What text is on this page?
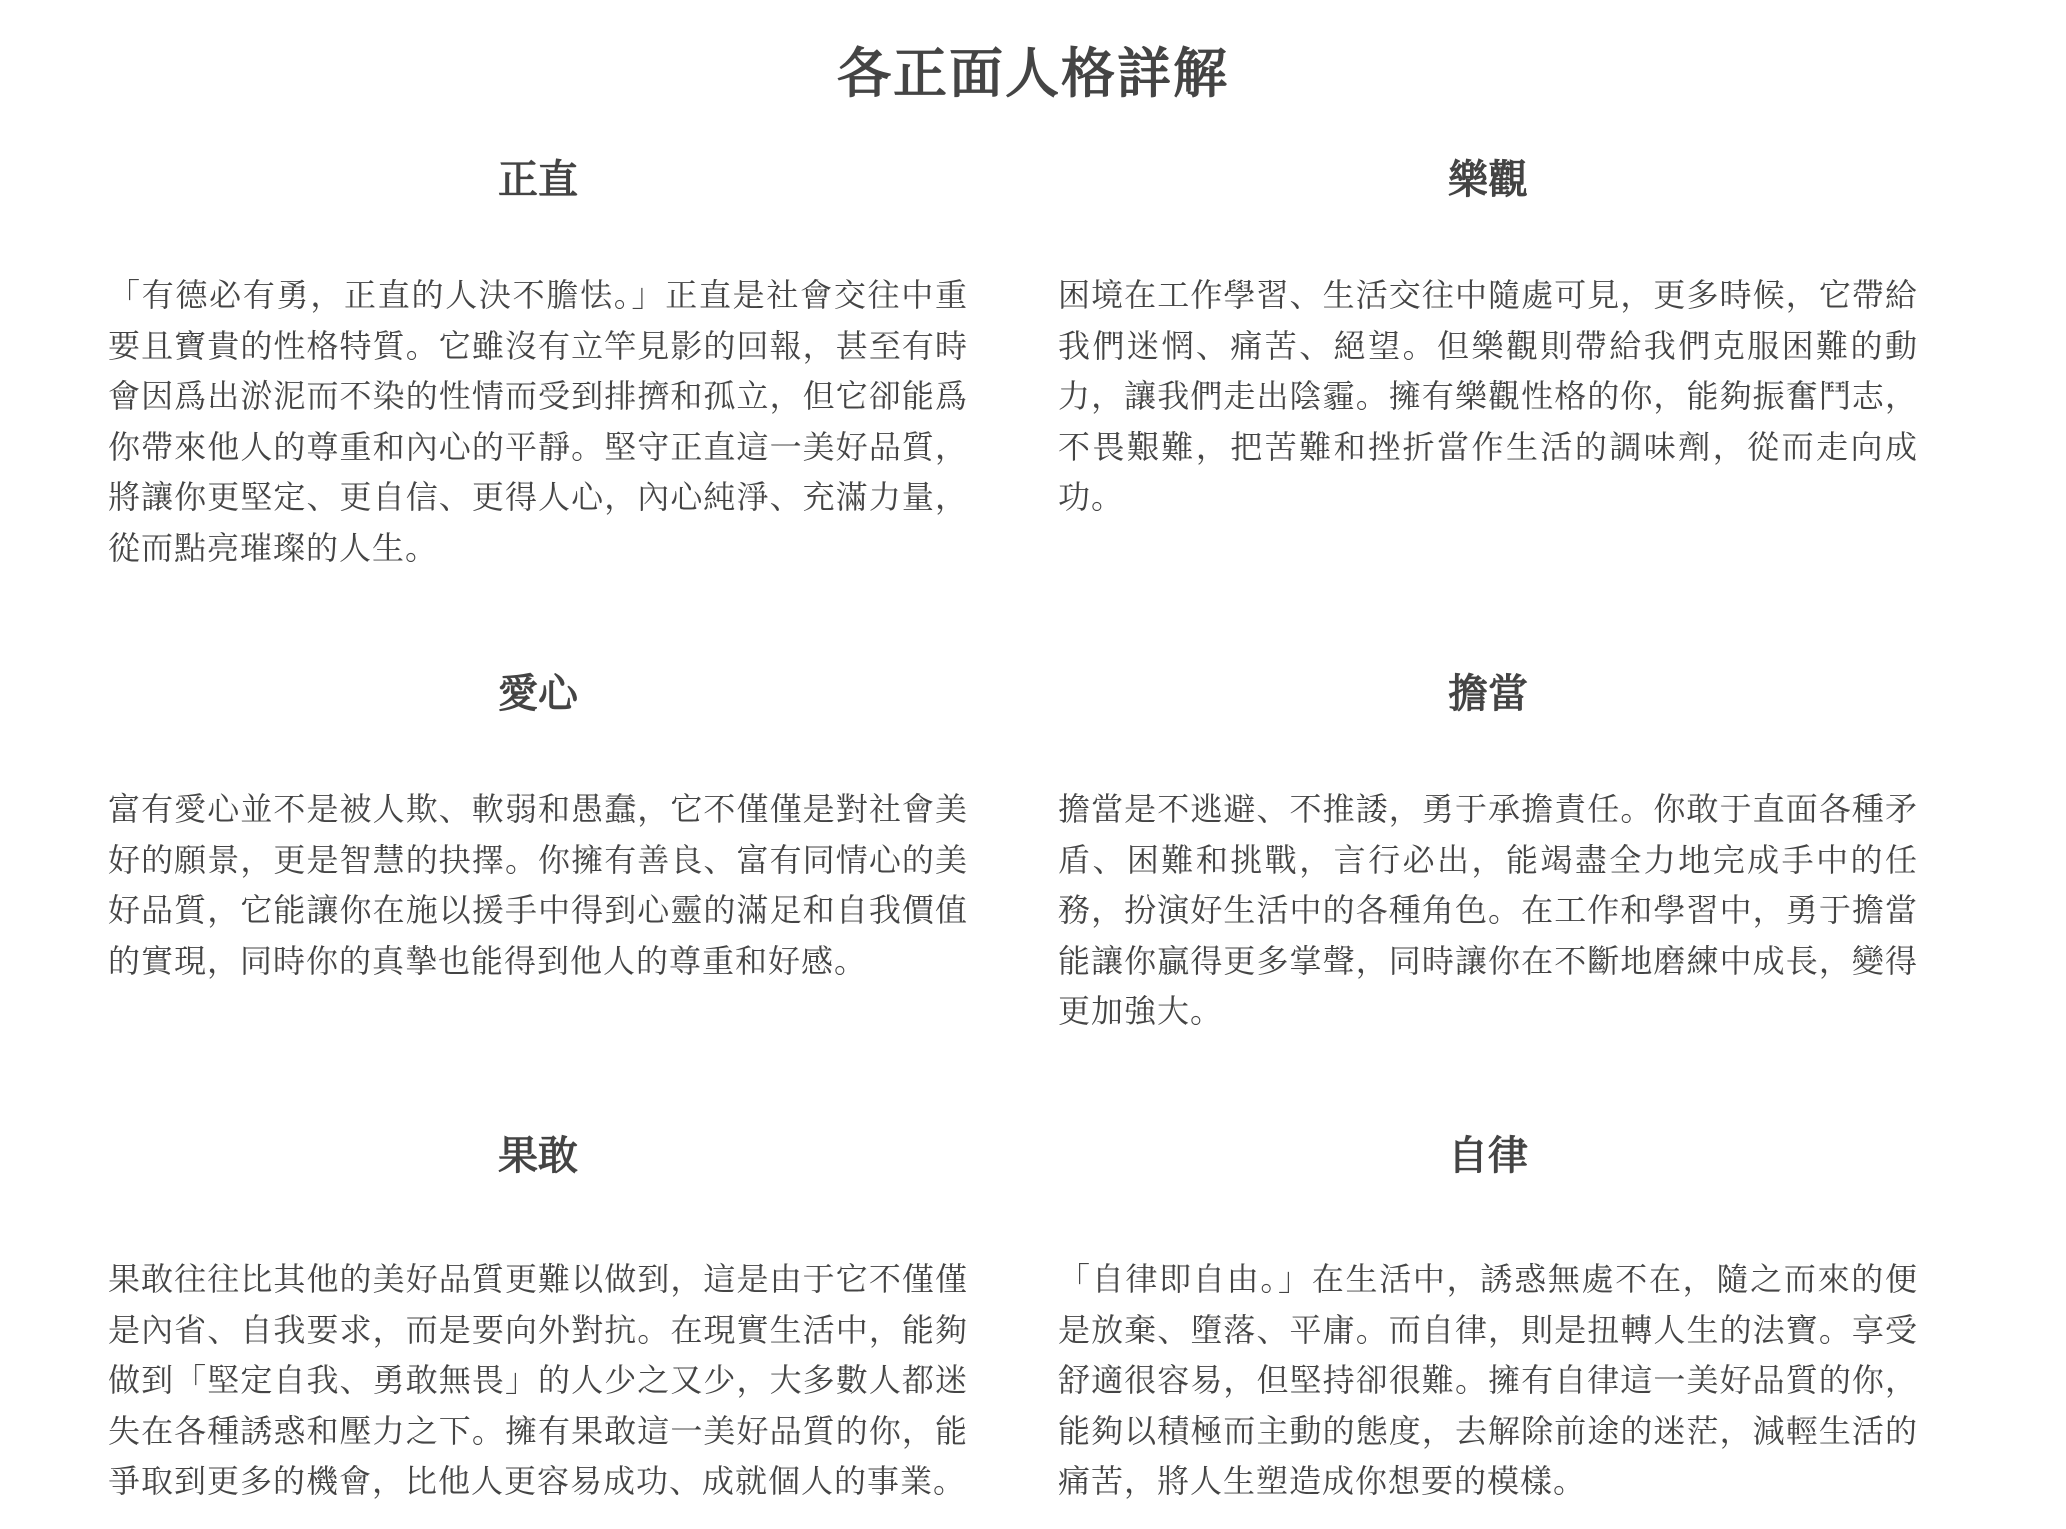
各正面人格詳解
正直

「有德必有勇，正直的人決不膽怯。」正直是社會交往中重要且寶貴的性格特質。它雖沒有立竿見影的回報，甚至有時會因爲出淤泥而不染的性情而受到排擠和孤立，但它卻能爲你帶來他人的尊重和內心的平靜。堅守正直這一美好品質，將讓你更堅定、更自信、更得人心，內心純淨、充滿力量，從而點亮璀璨的人生。

樂觀

困境在工作學習、生活交往中隨處可見，更多時候，它帶給我們迷惘、痛苦、絕望。但樂觀則帶給我們克服困難的動力，讓我們走出陰霾。擁有樂觀性格的你，能夠振奮鬥志，不畏艱難，把苦難和挫折當作生活的調味劑，從而走向成功。

愛心

富有愛心並不是被人欺、軟弱和愚蠢，它不僅僅是對社會美好的願景，更是智慧的抉擇。你擁有善良、富有同情心的美好品質，它能讓你在施以援手中得到心靈的滿足和自我價值的實現，同時你的真摯也能得到他人的尊重和好感。

擔當

擔當是不逃避、不推諉，勇于承擔責任。你敢于直面各種矛盾、困難和挑戰，言行必出，能竭盡全力地完成手中的任務，扮演好生活中的各種角色。在工作和學習中，勇于擔當能讓你贏得更多掌聲，同時讓你在不斷地磨練中成長，變得更加強大。

果敢

果敢往往比其他的美好品質更難以做到，這是由于它不僅僅是內省、自我要求，而是要向外對抗。在現實生活中，能夠做到「堅定自我、勇敢無畏」的人少之又少，大多數人都迷失在各種誘惑和壓力之下。擁有果敢這一美好品質的你，能爭取到更多的機會，比他人更容易成功、成就個人的事業。

自律

「自律即自由。」在生活中，誘惑無處不在，隨之而來的便是放棄、墮落、平庸。而自律，則是扭轉人生的法寶。享受舒適很容易，但堅持卻很難。擁有自律這一美好品質的你，能夠以積極而主動的態度，去解除前途的迷茫，減輕生活的痛苦，將人生塑造成你想要的模樣。
